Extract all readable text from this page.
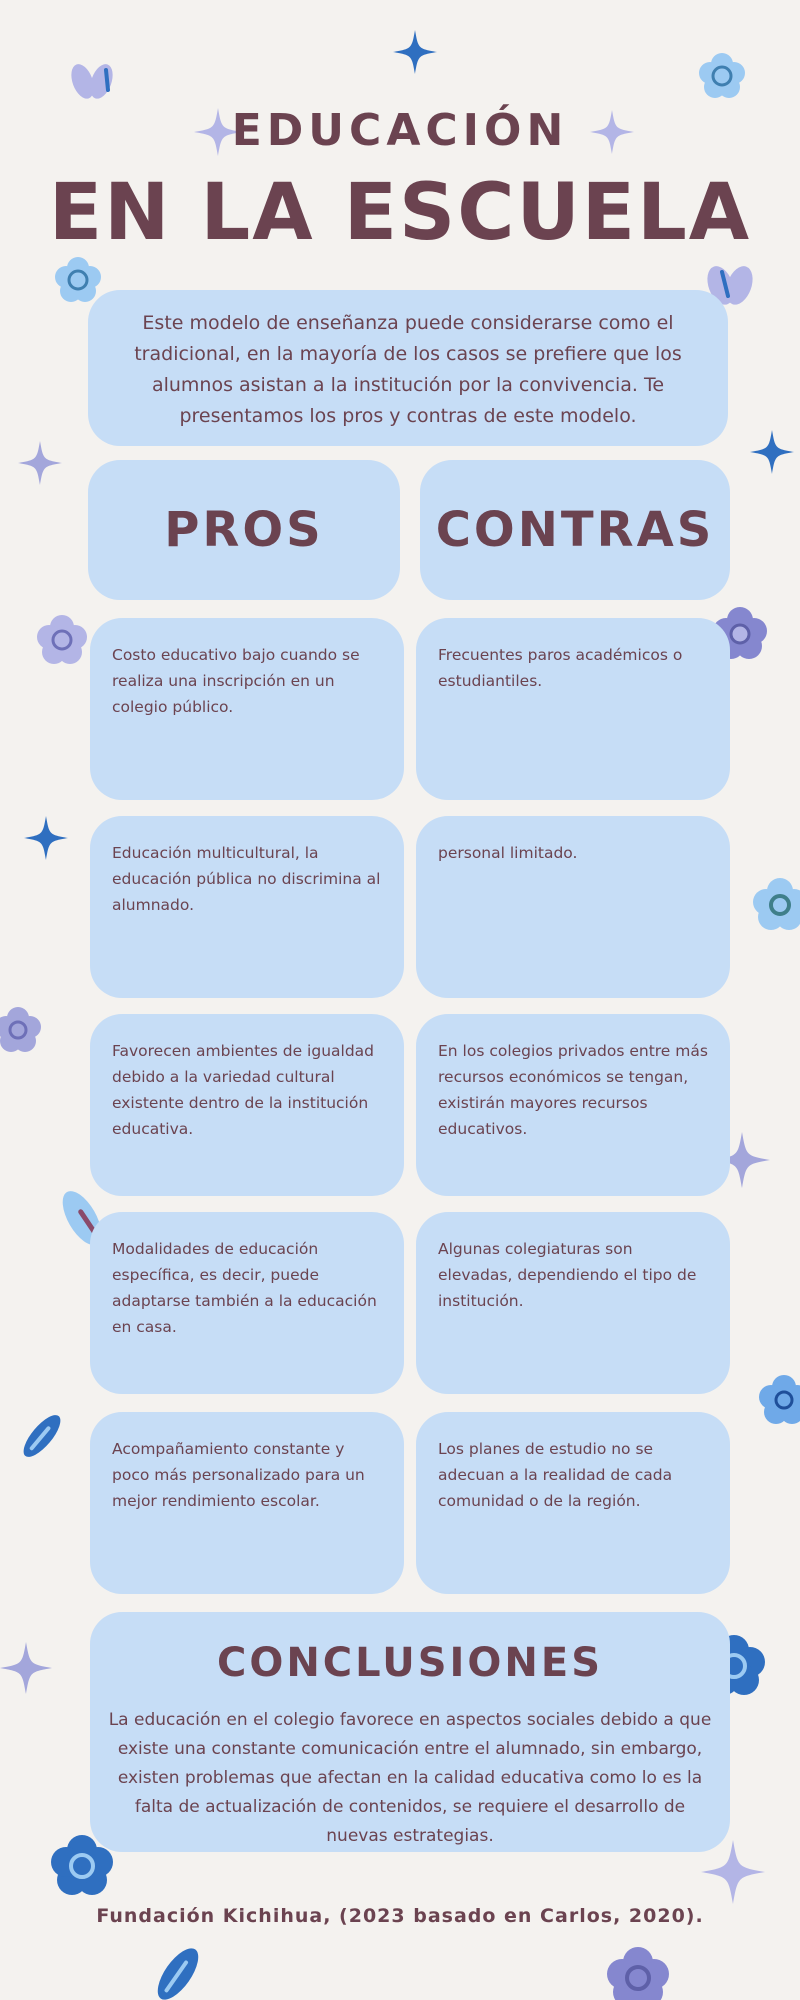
EDUCACIÓN
EN LA ESCUELA
Este modelo de enseñanza puede considerarse como el tradicional, en la mayoría de los casos se prefiere que los alumnos asistan a la institución por la convivencia. Te presentamos los pros y contras de este modelo.
PROS CONTRAS
Costo educativo bajo cuando se realiza una inscripción en un colegio público.
Educación multicultural, la educación pública no discrimina al alumnado.
Favorecen ambientes de igualdad debido a la variedad cultural existente dentro de la institución educativa.
Modalidades de educación específica, es decir, puede adaptarse también a la educación en casa.
Acompañamiento constante y poco más personalizado para un mejor rendimiento escolar.
Frecuentes paros académicos o estudiantiles.
personal limitado.
En los colegios privados entre más recursos económicos se tengan, existirán mayores recursos educativos.
Algunas colegiaturas son elevadas, dependiendo el tipo de institución.
Los planes de estudio no se adecuan a la realidad de cada comunidad o de la región.
CONCLUSIONES
La educación en el colegio favorece en aspectos sociales debido a que existe una constante comunicación entre el alumnado, sin embargo, existen problemas que afectan en la calidad educativa como lo es la falta de actualización de contenidos, se requiere el desarrollo de nuevas estrategias.
Fundación Kichihua, (2023 basado en Carlos, 2020).
